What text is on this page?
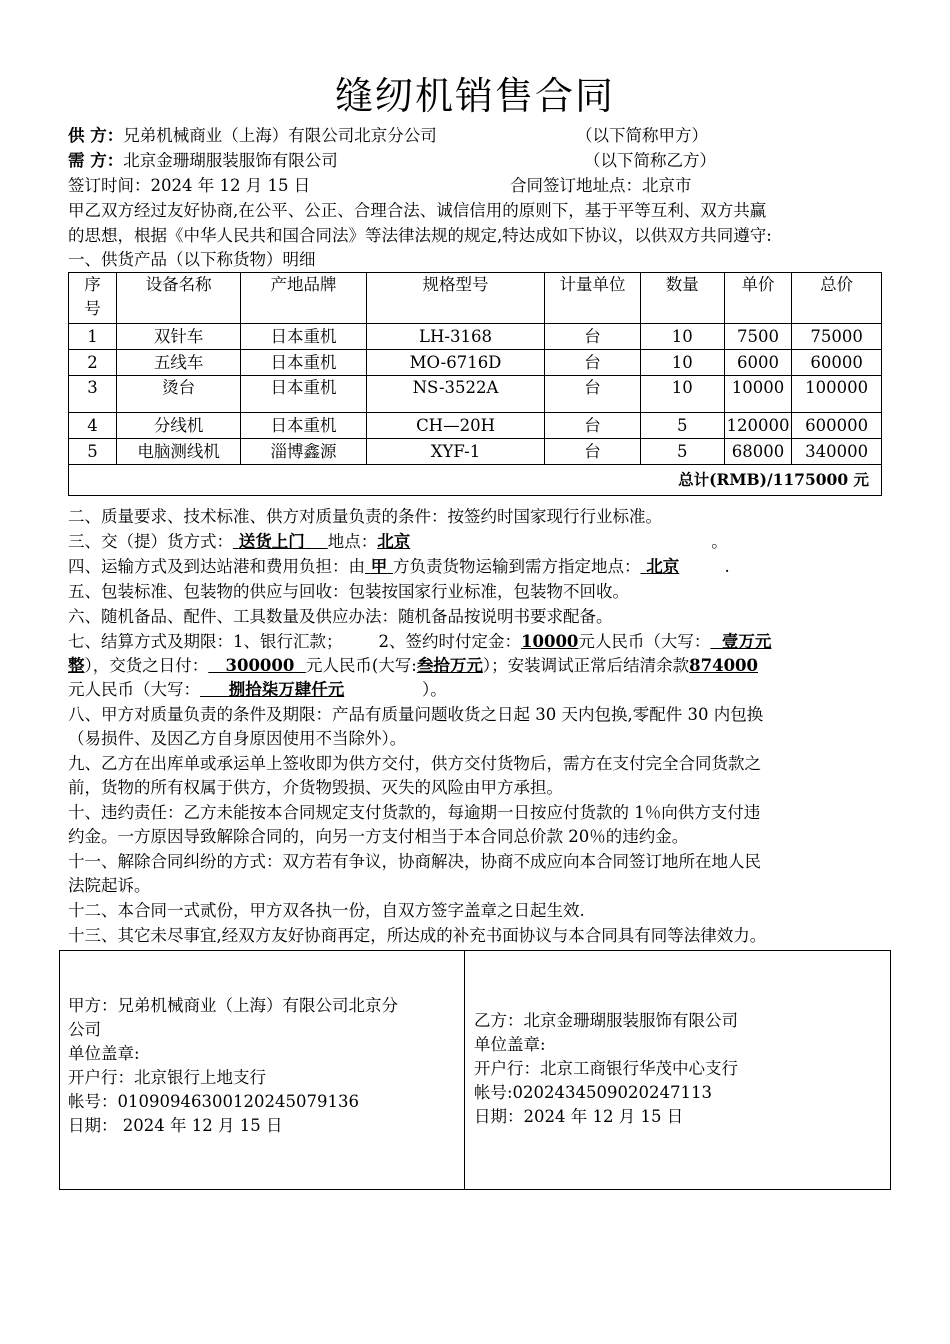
缝纫机销售合同
供 方：兄弟机械商业（上海）有限公司北京分公司	（以下简称甲方）
需 方：北京金珊瑚服装服饰有限公司	（以下简称乙方）
签订时间：2024 年 12 月 15 日	合同签订地址点：北京市
甲乙双方经过友好协商,在公平、公正、合理合法、诚信信用的原则下，基于平等互利、双方共赢
的思想，根据《中华人民共和国合同法》等法律法规的规定,特达成如下协议，以供双方共同遵守:
一、供货产品（以下称货物）明细
序
号	设备名称	产地品牌	规格型号	计量单位	数量	单价	总价
1	双针车	日本重机	LH-3168	台	10	7500	75000
2	五线车	日本重机	MO-6716D	台	10	6000	60000
3	烫台	日本重机	NS-3522A	台	10	10000	100000
4	分线机	日本重机	CH—20H	台	5	120000	600000
5	电脑测线机	淄博鑫源	XYF-1	台	5	68000	340000
总计(RMB)/1175000 元							
二、质量要求、技术标准、供方对质量负责的条件：按签约时国家现行行业标准。
三、交（提）货方式： 送货上门 地点：北京	。
四、运输方式及到达站港和费用负担：由 甲 方负责货物运输到需方指定地点： 北京	.
五、包装标准、包装物的供应与回收：包装按国家行业标准，包装物不回收。
六、随机备品、配件、工具数量及供应办法：随机备品按说明书要求配备。
七、结算方式及期限：1、银行汇款； 2、签约时付定金：10000元人民币（大写： 壹万元
整），交货之日付： 300000 元人民币(大写:叁拾万元）；安装调试正常后结清余款874000
元人民币（大写： 捌拾柒万肆仟元	）。
八、甲方对质量负责的条件及期限：产品有质量问题收货之日起 30 天内包换,零配件 30 内包换
（易损件、及因乙方自身原因使用不当除外）。
九、乙方在出库单或承运单上签收即为供方交付，供方交付货物后，需方在支付完全合同货款之
前，货物的所有权属于供方，介货物毁损、灭失的风险由甲方承担。
十、违约责任：乙方未能按本合同规定支付货款的，每逾期一日按应付货款的 1％向供方支付违
约金。一方原因导致解除合同的，向另一方支付相当于本合同总价款 20％的违约金。
十一、解除合同纠纷的方式：双方若有争议，协商解决，协商不成应向本合同签订地所在地人民
法院起诉。
十二、本合同一式贰份，甲方双各执一份，自双方签字盖章之日起生效.
十三、其它未尽事宜,经双方友好协商再定，所达成的补充书面协议与本合同具有同等法律效力。
甲方：兄弟机械商业（上海）有限公司北京分
公司
单位盖章:
开户行：北京银行上地支行
帐号：01090946300120245079136
日期： 2024 年 12 月 15 日
乙方：北京金珊瑚服装服饰有限公司
单位盖章:
开户行：北京工商银行华茂中心支行
帐号:0202434509020247113
日期：2024 年 12 月 15 日
